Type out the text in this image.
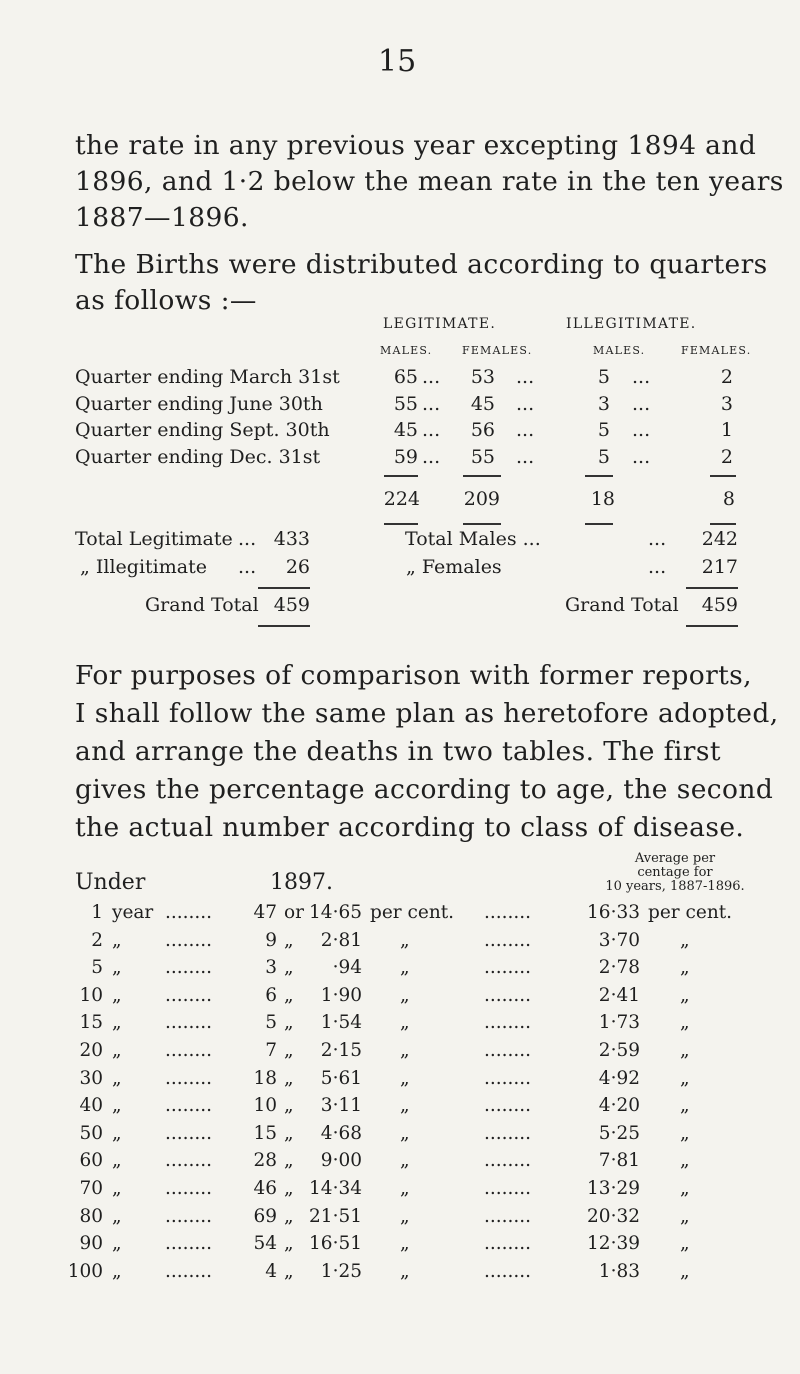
15
the rate in any previous year excepting 1894 and
1896, and 1·2 below the mean rate in the ten years
1887—1896.
The Births were distributed according to quarters
as follows :—
LEGITIMATE.	ILLEGITIMATE.
MALES.	FEMALES.	MALES.	FEMALES.
Quarter ending March 31st	65 ...	53 ...	5 ...	2
Quarter ending June 30th	55 ...	45 ...	3 ...	3
Quarter ending Sept. 30th	45 ...	56 ...	5 ...	1
Quarter ending Dec. 31st	59 ...	55 ...	5 ...	2
224	209	18	8
Total Legitimate ... 433
„ Illegitimate ...	26
Grand Total 459
Total Males ...	...	242
„ Females	...	217
Grand Total	459
For purposes of comparison with former reports,
I shall follow the same plan as heretofore adopted,
and arrange the deaths in two tables. The first
gives the percentage according to age, the second
the actual number according to class of disease.
Under	1897.
Average per
centage for
10 years, 1887-1896.
1 year ........	47 or 14·65 per cent. ........	16·33 per cent.
2 „ ........	9 „	2·81 „	........	3·70 „
5 „ ........	3 „	·94 „	........	2·78 „
10 „ ........	6 „	1·90 „	........	2·41 „
15 „ ........	5 „	1·54 „	........	1·73 „
20 „ ........	7 „	2·15 „	........	2·59 „
30 „ ........	18 „	5·61 „	........	4·92 „
40 „ ........	10 „	3·11 „	........	4·20 „
50 „ ........	15 „	4·68 „	........	5·25 „
60 „ ........	28 „	9·00 „	........	7·81 „
70 „ ........	46 „ 14·34 „	........	13·29 „
80 „ ........	69 „ 21·51 „	........	20·32 „
90 „ ........	54 „ 16·51 „	........	12·39 „
100 „ ........	4 „	1·25 „	........	1·83 „
